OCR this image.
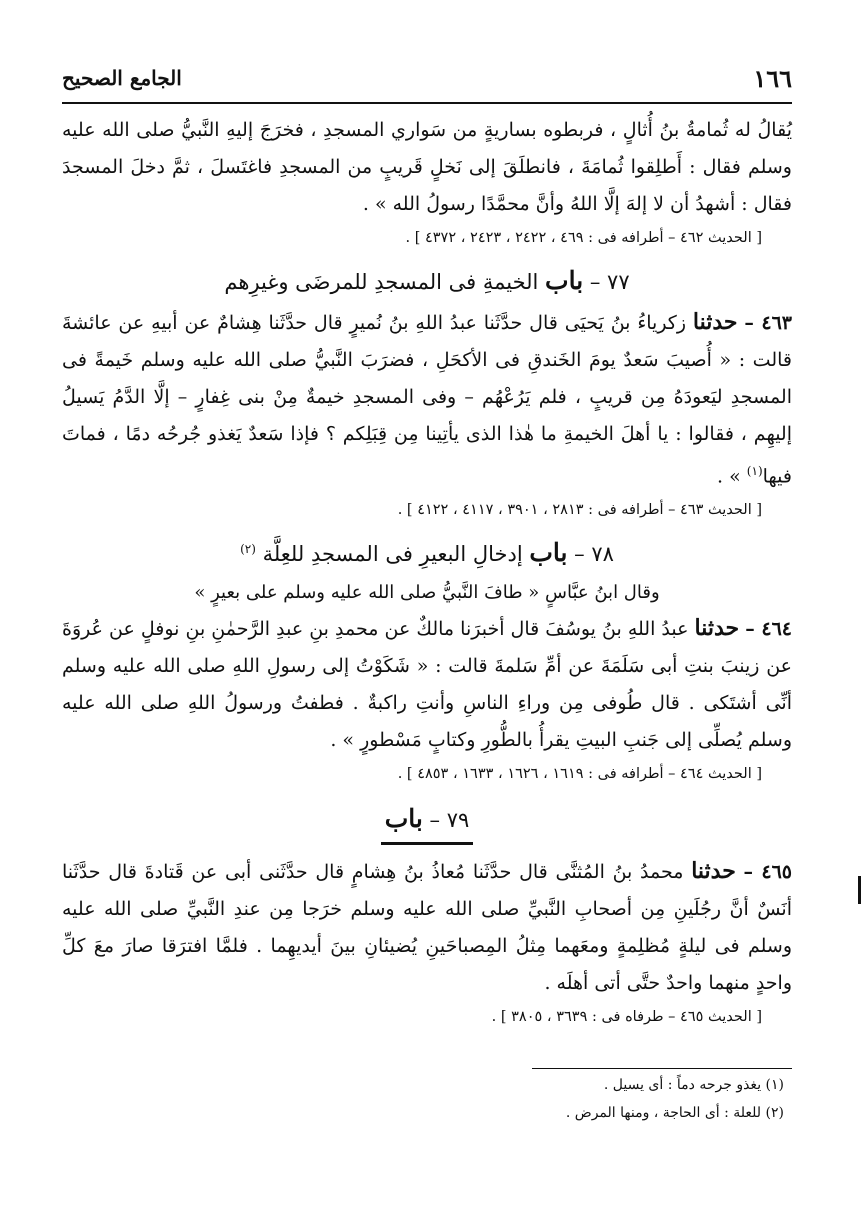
١٦٦
الجامع الصحيح

يُقالُ له ثُمامةُ بنُ أُثالٍ ، فربطوه بساريةٍ من سَواري المسجدِ ، فخرَجَ إليهِ النَّبيُّ صلى الله عليه وسلم فقال : أَطلِقوا ثُمامَةَ ، فانطلَقَ إلى نَخلٍ قَريبٍ من المسجدِ فاغتَسلَ ، ثمَّ دخلَ المسجدَ فقال : أشهدُ أن لا إلهَ إلَّا اللهُ وأنَّ محمَّدًا رسولُ الله » .

[ الحديث ٤٦٢ – أطرافه فى : ٤٦٩ ، ٢٤٢٢ ، ٢٤٢٣ ، ٤٣٧٢ ] .

٧٧ – باب الخيمةِ فى المسجدِ للمرضَى وغيرِهم

٤٦٣ – حدثنا زكرياءُ بنُ يَحيَى قال حدَّثَنا عبدُ اللهِ بنُ نُميرٍ قال حدَّثَنا هِشامٌ عن أبيهِ عن عائشةَ قالت : « أُصيبَ سَعدٌ يومَ الخَندقِ فى الأكحَلِ ، فضرَبَ النَّبيُّ صلى الله عليه وسلم خَيمةً فى المسجدِ ليَعودَهُ مِن قريبٍ ، فلم يَرُعْهُم – وفى المسجدِ خيمةٌ مِنْ بنى غِفارٍ – إلَّا الدَّمُ يَسيلُ إليهِم ، فقالوا : يا أهلَ الخيمةِ ما هٰذا الذى يأتِينا مِن قِبَلِكم ؟ فإذا سَعدٌ يَغذو جُرحُه دمًا ، فماتَ فيها$^{(١)}$ » .

[ الحديث ٤٦٣ – أطرافه فى : ٢٨١٣ ، ٣٩٠١ ، ٤١١٧ ، ٤١٢٢ ] .

٧٨ – باب إدخالِ البعيرِ فى المسجدِ للعِلَّة $^{(٢)}$

وقال ابنُ عبَّاسٍ « طافَ النَّبيُّ صلى الله عليه وسلم على بعيرٍ »

٤٦٤ – حدثنا عبدُ اللهِ بنُ يوسُفَ قال أخبرَنا مالكٌ عن محمدِ بنِ عبدِ الرَّحمٰنِ بنِ نوفلٍ عن عُروَةَ عن زينبَ بنتِ أبى سَلَمَةَ عن أمِّ سَلمةَ قالت : « شَكَوْتُ إلى رسولِ اللهِ صلى الله عليه وسلم أنِّى أشتَكى . قال طُوفى مِن وراءِ الناسِ وأنتِ راكبةٌ . فطفتُ ورسولُ اللهِ صلى الله عليه وسلم يُصلِّى إلى جَنبِ البيتِ يقرأُ بالطُّورِ وكتابٍ مَسْطورٍ » .

[ الحديث ٤٦٤ – أطرافه فى : ١٦١٩ ، ١٦٢٦ ، ١٦٣٣ ، ٤٨٥٣ ] .

٧٩ – باب

٤٦٥ – حدثنا محمدُ بنُ المُثنَّى قال حدَّثَنا مُعاذُ بنُ هِشامٍ قال حدَّثَنى أبى عن قَتادةَ قال حدَّثَنا أنَسٌ أنَّ رجُلَينِ مِن أصحابِ النَّبيِّ صلى الله عليه وسلم خرَجا مِن عندِ النَّبيِّ صلى الله عليه وسلم فى ليلةٍ مُظلِمةٍ ومعَهما مِثلُ المِصباحَينِ يُضيئانِ بينَ أيديهِما . فلمَّا افترَقا صارَ معَ كلِّ واحدٍ منهما واحدٌ حتَّى أتى أهلَه .

[ الحديث ٤٦٥ – طرفاه فى : ٣٦٣٩ ، ٣٨٠٥ ] .

(١) يغذو جرحه دماً : أى يسيل .

(٢) للعلة : أى الحاجة ، ومنها المرض .
